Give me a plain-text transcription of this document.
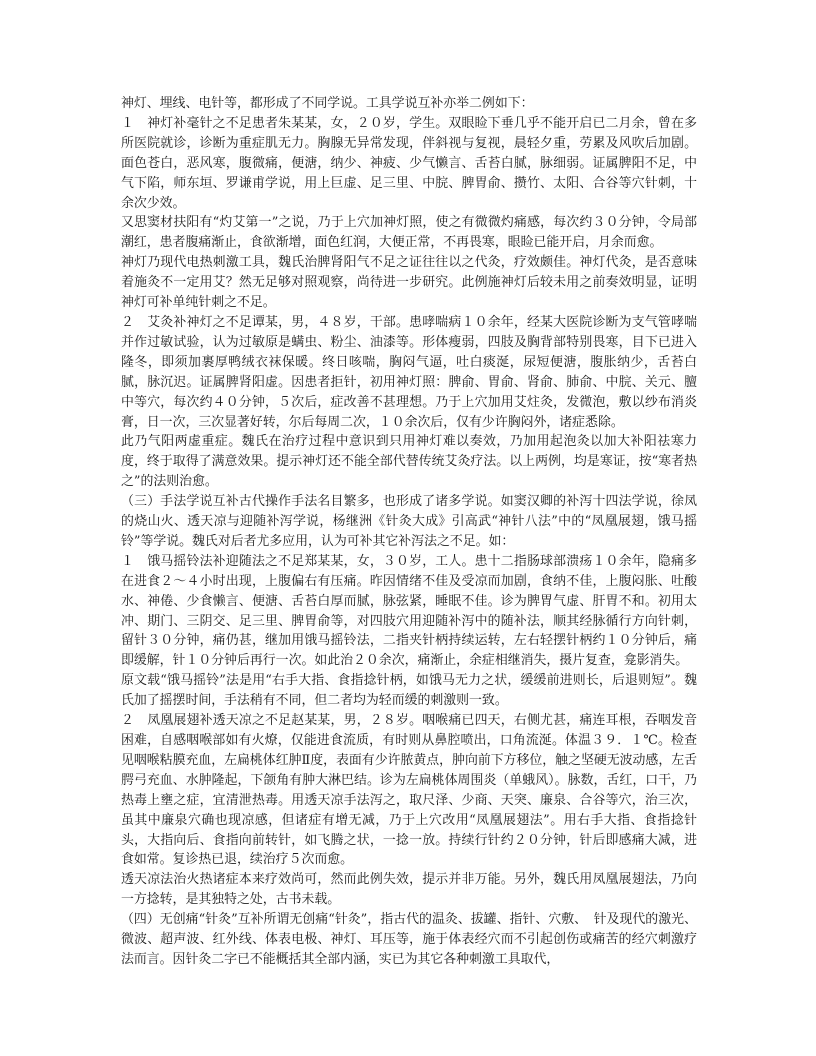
神灯、埋线、电针等，都形成了不同学说。工具学说互补亦举二例如下：

１　神灯补毫针之不足患者朱某某，女，２０岁，学生。双眼睑下垂几乎不能开启已二月余，曾在多所医院就诊，诊断为重症肌无力。胸腺无异常发现，伴斜视与复视，晨轻夕重，劳累及风吹后加剧。面色苍白，恶风寒，腹微痛，便溏，纳少、神疲、少气懒言、舌苔白腻，脉细弱。证属脾阳不足，中气下陷，师东垣、罗谦甫学说，用上巨虚、足三里、中脘、脾胃俞、攒竹、太阳、合谷等穴针刺，十余次少效。

又思窦材扶阳有“灼艾第一”之说，乃于上穴加神灯照，使之有微微灼痛感，每次约３０分钟，令局部潮红，患者腹痛渐止，食欲渐增，面色红润，大便正常，不再畏寒，眼睑已能开启，月余而愈。

神灯乃现代电热刺激工具，魏氏治脾肾阳气不足之证往往以之代灸，疗效颇佳。神灯代灸，是否意味着施灸不一定用艾？然无足够对照观察，尚待进一步研究。此例施神灯后较未用之前奏效明显，证明神灯可补单纯针刺之不足。

２　艾灸补神灯之不足谭某，男，４８岁，干部。患哮喘病１０余年，经某大医院诊断为支气管哮喘并作过敏试验，认为过敏原是螨虫、粉尘、油漆等。形体瘦弱，四肢及胸背部特别畏寒，目下已进入隆冬，即须加裹厚鸭绒衣袜保暖。终日咳喘，胸闷气逼，吐白痰涎，尿短便溏，腹胀纳少，舌苔白腻，脉沉迟。证属脾肾阳虚。因患者拒针，初用神灯照：脾俞、胃俞、肾俞、肺俞、中脘、关元、膻中等穴，每次约４０分钟，５次后，症改善不甚理想。乃于上穴加用艾炷灸，发微泡，敷以纱布消炎膏，日一次，三次显著好转，尔后每周二次，１０余次后，仅有少许胸闷外，诸症悉除。

此乃气阳两虚重症。魏氏在治疗过程中意识到只用神灯难以奏效，乃加用起泡灸以加大补阳祛寒力度，终于取得了满意效果。提示神灯还不能全部代替传统艾灸疗法。以上两例，均是寒证，按“寒者热之”的法则治愈。

（三）手法学说互补古代操作手法名目繁多，也形成了诸多学说。如窦汉卿的补泻十四法学说，徐凤的烧山火、透天凉与迎随补泻学说，杨继洲《针灸大成》引高武“神针八法”中的“凤凰展翅，饿马摇铃”等学说。魏氏对后者尤多应用，认为可补其它补泻法之不足。如：

１　饿马摇铃法补迎随法之不足郑某某，女，３０岁，工人。患十二指肠球部溃疡１０余年，隐痛多在进食２～４小时出现，上腹偏右有压痛。昨因情绪不佳及受凉而加剧，食纳不佳，上腹闷胀、吐酸水、神倦、少食懒言、便溏、舌苔白厚而腻，脉弦紧，睡眠不佳。诊为脾胃气虚、肝胃不和。初用太冲、期门、三阴交、足三里、脾胃俞等，对四肢穴用迎随补泻中的随补法，顺其经脉循行方向针刺，留针３０分钟，痛仍甚，继加用饿马摇铃法，二指夹针柄持续运转，左右轻摆针柄约１０分钟后，痛即缓解，针１０分钟后再行一次。如此治２０余次，痛渐止，余症相继消失，摄片复查，龛影消失。

原文载“饿马摇铃”法是用“右手大指、食指捻针柄，如饿马无力之状，缓缓前进则长，后退则短”。魏氏加了摇摆时间，手法稍有不同，但二者均为轻而缓的刺激则一致。

２　凤凰展翅补透天凉之不足赵某某，男，２８岁。咽喉痛已四天，右侧尤甚，痛连耳根，吞咽发音困难，自感咽喉部如有火燎，仅能进食流质，有时则从鼻腔喷出，口角流涎。体温３９．１℃。检查见咽喉粘膜充血，左扁桃体红肿Ⅱ度，表面有少许脓黄点，肿向前下方移位，触之坚硬无波动感，左舌腭弓充血、水肿隆起，下颌角有肿大淋巴结。诊为左扁桃体周围炎（单蛾风）。脉数，舌红，口干，乃热毒上壅之症，宜清泄热毒。用透天凉手法泻之，取尺泽、少商、天突、廉泉、合谷等穴，治三次，虽其中廉泉穴确也现凉感，但诸症有增无减，乃于上穴改用“凤凰展翅法”。用右手大指、食指捻针头，大指向后、食指向前转针，如飞腾之状，一捻一放。持续行针约２０分钟，针后即感痛大减，进食如常。复诊热已退，续治疗５次而愈。

透天凉法治火热诸症本来疗效尚可，然而此例失效，提示并非万能。另外，魏氏用凤凰展翅法，乃向一方捻转，是其独特之处，古书未载。

（四）无创痛“针灸”互补所谓无创痛“针灸”，指古代的温灸、拔罐、指针、穴敷、　针及现代的激光、微波、超声波、红外线、体表电极、神灯、耳压等，施于体表经穴而不引起创伤或痛苦的经穴刺激疗法而言。因针灸二字已不能概括其全部内涵，实已为其它各种刺激工具取代，
